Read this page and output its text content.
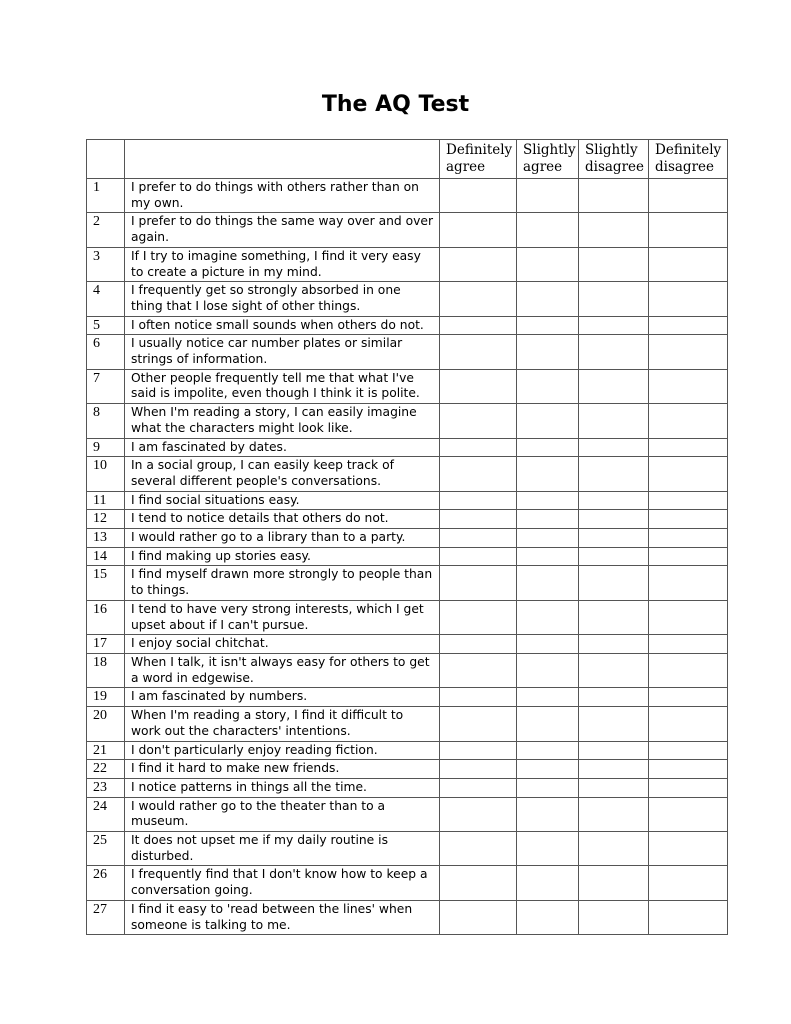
The AQ Test
		Definitely agree	Slightly agree	Slightly disagree	Definitely disagree
1	I prefer to do things with others rather than on my own.				
2	I prefer to do things the same way over and over again.				
3	If I try to imagine something, I find it very easy to create a picture in my mind.				
4	I frequently get so strongly absorbed in one thing that I lose sight of other things.				
5	I often notice small sounds when others do not.				
6	I usually notice car number plates or similar strings of information.				
7	Other people frequently tell me that what I've said is impolite, even though I think it is polite.				
8	When I'm reading a story, I can easily imagine what the characters might look like.				
9	I am fascinated by dates.				
10	In a social group, I can easily keep track of several different people's conversations.				
11	I find social situations easy.				
12	I tend to notice details that others do not.				
13	I would rather go to a library than to a party.				
14	I find making up stories easy.				
15	I find myself drawn more strongly to people than to things.				
16	I tend to have very strong interests, which I get upset about if I can't pursue.				
17	I enjoy social chitchat.				
18	When I talk, it isn't always easy for others to get a word in edgewise.				
19	I am fascinated by numbers.				
20	When I'm reading a story, I find it difficult to work out the characters' intentions.				
21	I don't particularly enjoy reading fiction.				
22	I find it hard to make new friends.				
23	I notice patterns in things all the time.				
24	I would rather go to the theater than to a museum.				
25	It does not upset me if my daily routine is disturbed.				
26	I frequently find that I don't know how to keep a conversation going.				
27	I find it easy to 'read between the lines' when someone is talking to me.				
